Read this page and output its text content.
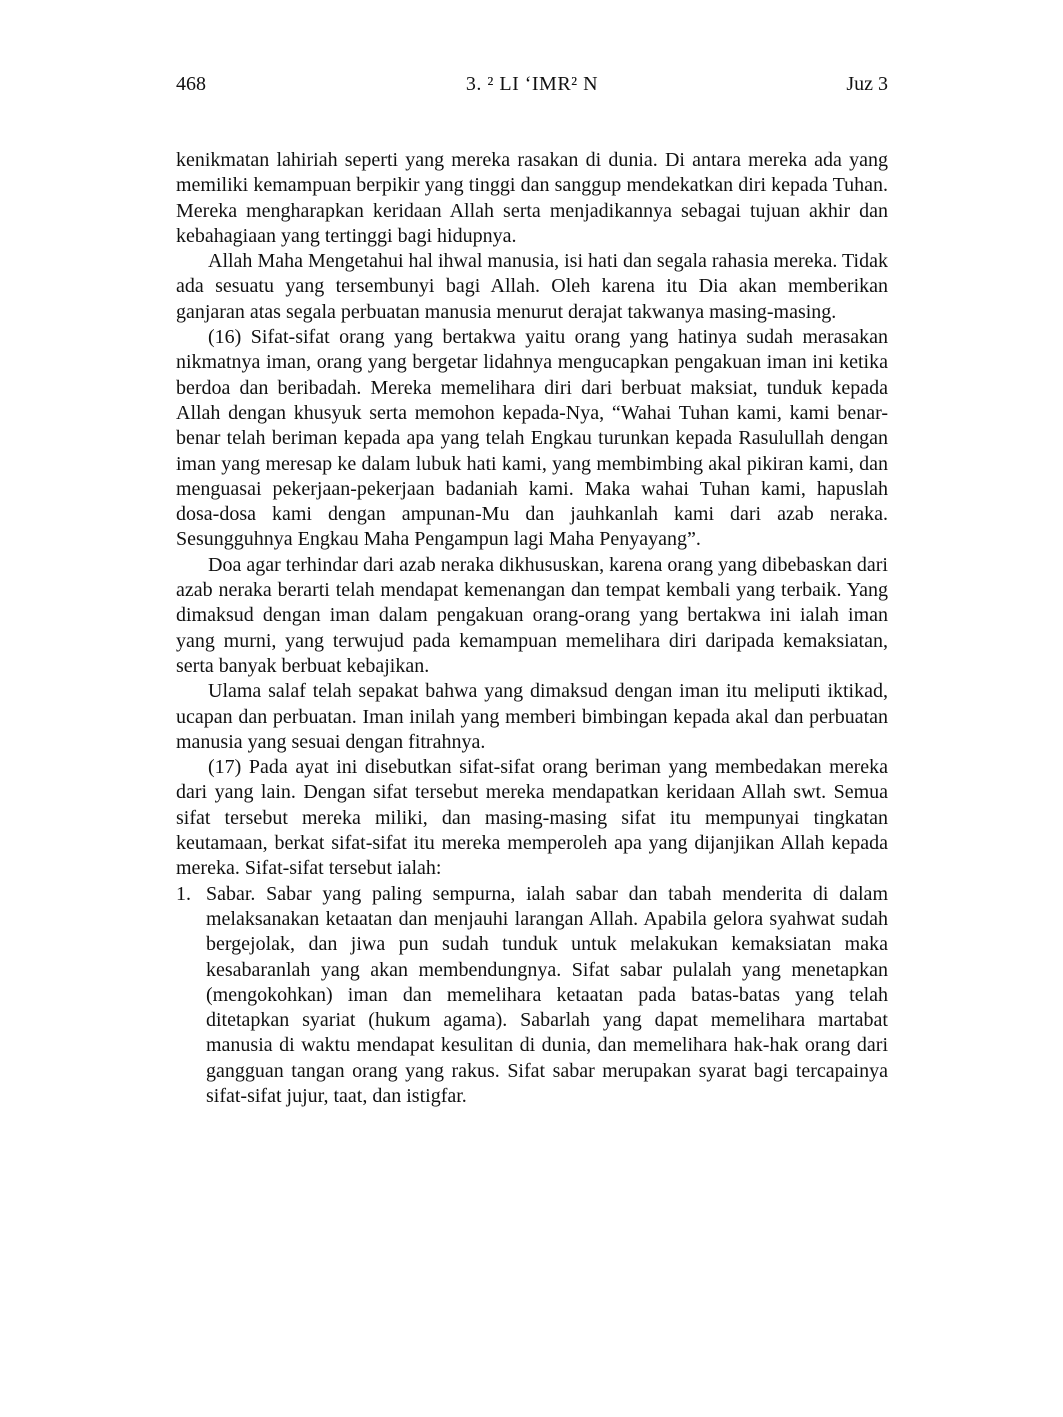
468	3. ² LI ‘IMR² N	Juz 3

kenikmatan lahiriah seperti yang mereka rasakan di dunia. Di antara mereka ada yang memiliki kemampuan berpikir yang tinggi dan sanggup mendekatkan diri kepada Tuhan. Mereka mengharapkan keridaan Allah serta menjadikannya sebagai tujuan akhir dan kebahagiaan yang tertinggi bagi hidupnya.

Allah Maha Mengetahui hal ihwal manusia, isi hati dan segala rahasia mereka. Tidak ada sesuatu yang tersembunyi bagi Allah. Oleh karena itu Dia akan memberikan ganjaran atas segala perbuatan manusia menurut derajat takwanya masing-masing.

(16) Sifat-sifat orang yang bertakwa yaitu orang yang hatinya sudah merasakan nikmatnya iman, orang yang bergetar lidahnya mengucapkan pengakuan iman ini ketika berdoa dan beribadah. Mereka memelihara diri dari berbuat maksiat, tunduk kepada Allah dengan khusyuk serta memohon kepada-Nya, “Wahai Tuhan kami, kami benar-benar telah beriman kepada apa yang telah Engkau turunkan kepada Rasulullah dengan iman yang meresap ke dalam lubuk hati kami, yang membimbing akal pikiran kami, dan menguasai pekerjaan-pekerjaan badaniah kami. Maka wahai Tuhan kami, hapuslah dosa-dosa kami dengan ampunan-Mu dan jauhkanlah kami dari azab neraka. Sesungguhnya Engkau Maha Pengampun lagi Maha Penyayang”.

Doa agar terhindar dari azab neraka dikhususkan, karena orang yang dibebaskan dari azab neraka berarti telah mendapat kemenangan dan tempat kembali yang terbaik. Yang dimaksud dengan iman dalam pengakuan orang-orang yang bertakwa ini ialah iman yang murni, yang terwujud pada kemampuan memelihara diri daripada kemaksiatan, serta banyak berbuat kebajikan.

Ulama salaf telah sepakat bahwa yang dimaksud dengan iman itu meliputi iktikad, ucapan dan perbuatan. Iman inilah yang memberi bimbingan kepada akal dan perbuatan manusia yang sesuai dengan fitrahnya.

(17) Pada ayat ini disebutkan sifat-sifat orang beriman yang membedakan mereka dari yang lain. Dengan sifat tersebut mereka mendapatkan keridaan Allah swt. Semua sifat tersebut mereka miliki, dan masing-masing sifat itu mempunyai tingkatan keutamaan, berkat sifat-sifat itu mereka memperoleh apa yang dijanjikan Allah kepada mereka. Sifat-sifat tersebut ialah:

1. Sabar. Sabar yang paling sempurna, ialah sabar dan tabah menderita di dalam melaksanakan ketaatan dan menjauhi larangan Allah. Apabila gelora syahwat sudah bergejolak, dan jiwa pun sudah tunduk untuk melakukan kemaksiatan maka kesabaranlah yang akan membendungnya. Sifat sabar pulalah yang menetapkan (mengokohkan) iman dan memelihara ketaatan pada batas-batas yang telah ditetapkan syariat (hukum agama). Sabarlah yang dapat memelihara martabat manusia di waktu mendapat kesulitan di dunia, dan memelihara hak-hak orang dari gangguan tangan orang yang rakus. Sifat sabar merupakan syarat bagi tercapainya sifat-sifat jujur, taat, dan istigfar.
